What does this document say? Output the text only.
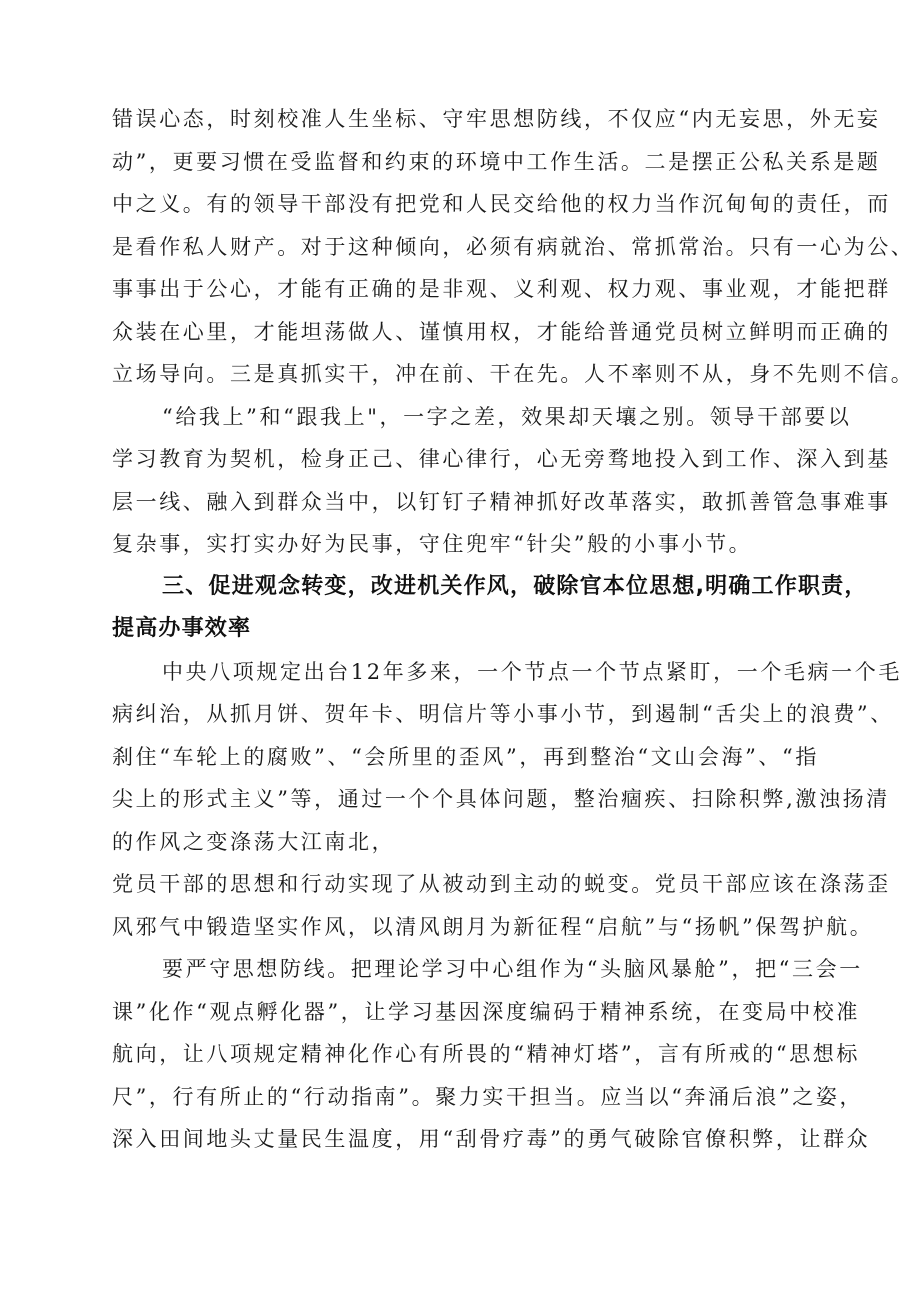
错误心态，时刻校准人生坐标、守牢思想防线，不仅应“内无妄思，外无妄
动”，更要习惯在受监督和约束的环境中工作生活。二是摆正公私关系是题
中之义。有的领导干部没有把党和人民交给他的权力当作沉甸甸的责任，而
是看作私人财产。对于这种倾向，必须有病就治、常抓常治。只有一心为公、
事事出于公心，才能有正确的是非观、义利观、权力观、事业观，才能把群
众装在心里，才能坦荡做人、谨慎用权，才能给普通党员树立鲜明而正确的
立场导向。三是真抓实干，冲在前、干在先。人不率则不从，身不先则不信。
“给我上”和“跟我上"，一字之差，效果却天壤之别。领导干部要以
学习教育为契机，检身正己、律心律行，心无旁骛地投入到工作、深入到基
层一线、融入到群众当中，以钉钉子精神抓好改革落实，敢抓善管急事难事
复杂事，实打实办好为民事，守住兜牢“针尖”般的小事小节。
三、促进观念转变，改进机关作风，破除官本位思想,明确工作职责，
提高办事效率
中央八项规定出台12年多来，一个节点一个节点紧盯，一个毛病一个毛
病纠治，从抓月饼、贺年卡、明信片等小事小节，到遏制“舌尖上的浪费”、
刹住“车轮上的腐败”、“会所里的歪风”，再到整治“文山会海”、“指
尖上的形式主义”等，通过一个个具体问题，整治痼疾、扫除积弊,激浊扬清
的作风之变涤荡大江南北，
党员干部的思想和行动实现了从被动到主动的蜕变。党员干部应该在涤荡歪
风邪气中锻造坚实作风，以清风朗月为新征程“启航”与“扬帆”保驾护航。
要严守思想防线。把理论学习中心组作为“头脑风暴舱”，把“三会一
课”化作“观点孵化器”，让学习基因深度编码于精神系统，在变局中校准
航向，让八项规定精神化作心有所畏的“精神灯塔”，言有所戒的“思想标
尺”，行有所止的“行动指南”。聚力实干担当。应当以“奔涌后浪”之姿，
深入田间地头丈量民生温度，用“刮骨疗毒”的勇气破除官僚积弊，让群众
